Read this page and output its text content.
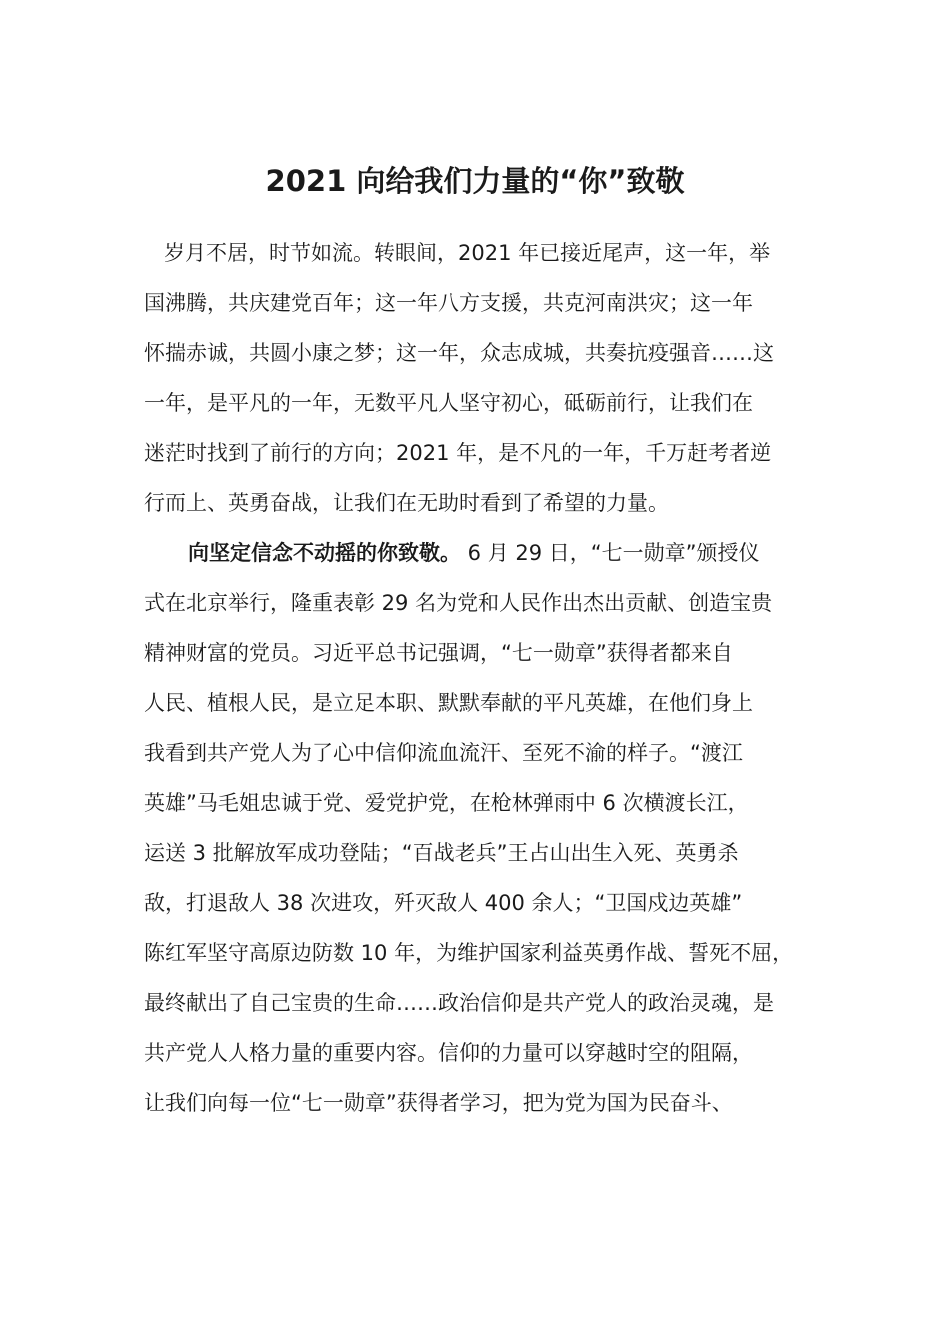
2021 向给我们力量的“你”致敬
岁月不居，时节如流。转眼间，2021 年已接近尾声，这一年，举
国沸腾，共庆建党百年；这一年八方支援，共克河南洪灾；这一年
怀揣赤诚，共圆小康之梦；这一年，众志成城，共奏抗疫强音……这
一年，是平凡的一年，无数平凡人坚守初心，砥砺前行，让我们在
迷茫时找到了前行的方向；2021 年，是不凡的一年，千万赶考者逆
行而上、英勇奋战，让我们在无助时看到了希望的力量。
向坚定信念不动摇的你致敬。 6 月 29 日，“七一勋章”颁授仪
式在北京举行，隆重表彰 29 名为党和人民作出杰出贡献、创造宝贵
精神财富的党员。习近平总书记强调，“七一勋章”获得者都来自
人民、植根人民，是立足本职、默默奉献的平凡英雄，在他们身上
我看到共产党人为了心中信仰流血流汗、至死不渝的样子。“渡江
英雄”马毛姐忠诚于党、爱党护党，在枪林弹雨中 6 次横渡长江，
运送 3 批解放军成功登陆；“百战老兵”王占山出生入死、英勇杀
敌，打退敌人 38 次进攻，歼灭敌人 400 余人；“卫国戍边英雄”
陈红军坚守高原边防数 10 年，为维护国家利益英勇作战、誓死不屈，
最终献出了自己宝贵的生命……政治信仰是共产党人的政治灵魂，是
共产党人人格力量的重要内容。信仰的力量可以穿越时空的阻隔，
让我们向每一位“七一勋章”获得者学习，把为党为国为民奋斗、
